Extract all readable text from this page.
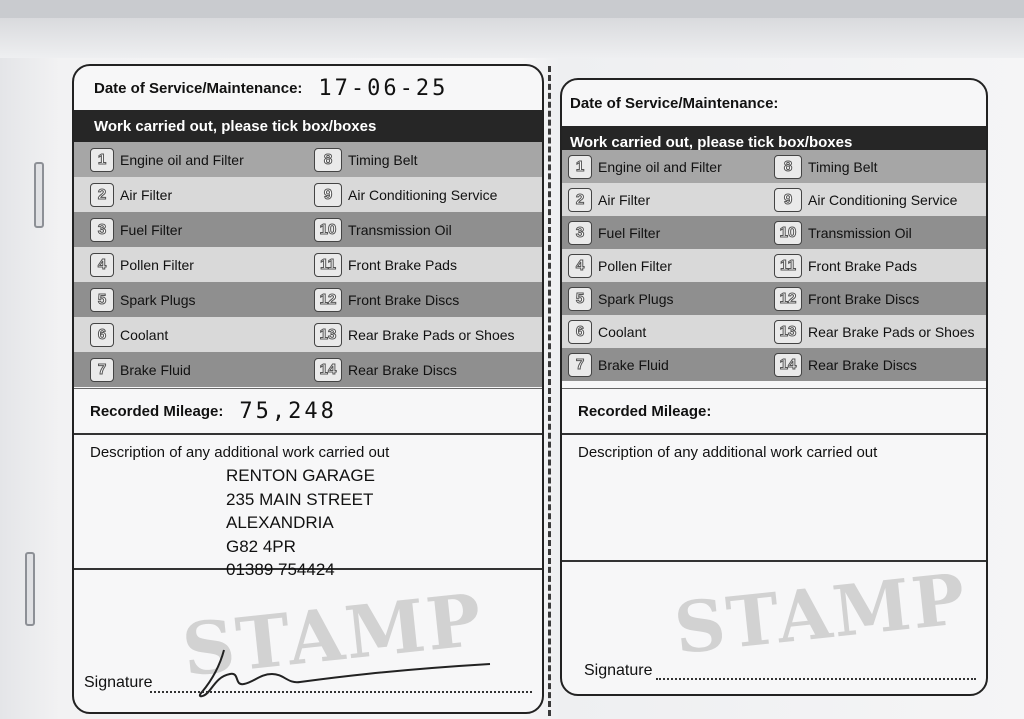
Date of Service/Maintenance: 17-06-25
Work carried out, please tick box/boxes
1 Engine oil and Filter	8	Timing Belt
2 Air Filter	9	Air Conditioning Service
3 Fuel Filter	10 Transmission Oil
4 Pollen Filter	11 Front Brake Pads
5 Spark Plugs	12 Front Brake Discs
6 Coolant	13 Rear Brake Pads or Shoes
7 Brake Fluid	14 Rear Brake Discs
Recorded Mileage: 75,248
Description of any additional work carried out
RENTON GARAGE
235 MAIN STREET
ALEXANDRIA
G82 4PR
01389 754424
STAMP
Signature
Date of Service/Maintenance:
Work carried out, please tick box/boxes
1 Engine oil and Filter	8	Timing Belt
2 Air Filter	9	Air Conditioning Service
3 Fuel Filter	10 Transmission Oil
4 Pollen Filter	11 Front Brake Pads
5 Spark Plugs	12 Front Brake Discs
6 Coolant	13 Rear Brake Pads or Shoes
7 Brake Fluid	14 Rear Brake Discs
Recorded Mileage:
Description of any additional work carried out
STAMP
Signature
